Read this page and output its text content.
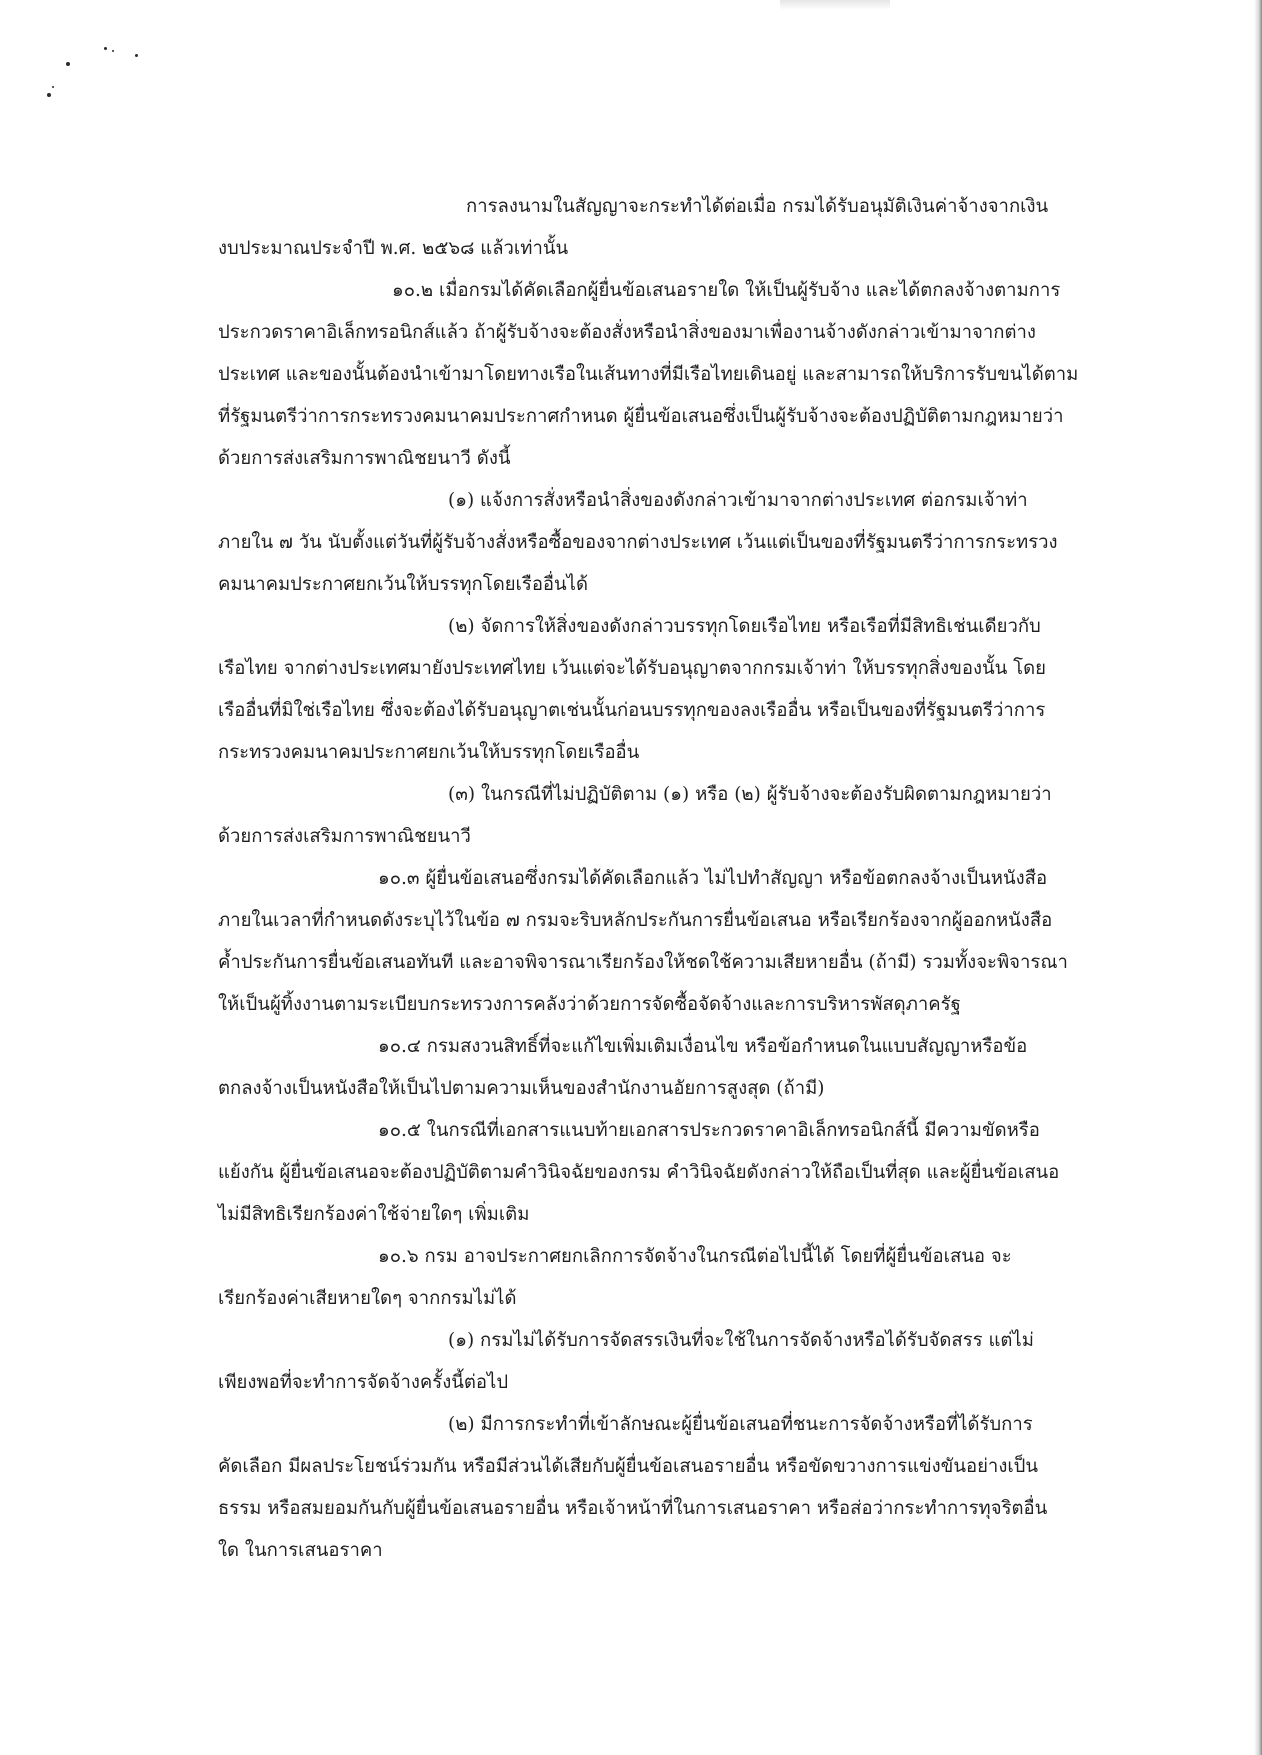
การลงนามในสัญญาจะกระทำได้ต่อเมื่อ กรมได้รับอนุมัติเงินค่าจ้างจากเงิน
งบประมาณประจำปี พ.ศ. ๒๕๖๘ แล้วเท่านั้น
๑๐.๒ เมื่อกรมได้คัดเลือกผู้ยื่นข้อเสนอรายใด ให้เป็นผู้รับจ้าง และได้ตกลงจ้างตามการ
ประกวดราคาอิเล็กทรอนิกส์แล้ว ถ้าผู้รับจ้างจะต้องสั่งหรือนำสิ่งของมาเพื่องานจ้างดังกล่าวเข้ามาจากต่าง
ประเทศ และของนั้นต้องนำเข้ามาโดยทางเรือในเส้นทางที่มีเรือไทยเดินอยู่ และสามารถให้บริการรับขนได้ตาม
ที่รัฐมนตรีว่าการกระทรวงคมนาคมประกาศกำหนด ผู้ยื่นข้อเสนอซึ่งเป็นผู้รับจ้างจะต้องปฏิบัติตามกฎหมายว่า
ด้วยการส่งเสริมการพาณิชยนาวี ดังนี้
(๑) แจ้งการสั่งหรือนำสิ่งของดังกล่าวเข้ามาจากต่างประเทศ ต่อกรมเจ้าท่า
ภายใน ๗ วัน นับตั้งแต่วันที่ผู้รับจ้างสั่งหรือซื้อของจากต่างประเทศ เว้นแต่เป็นของที่รัฐมนตรีว่าการกระทรวง
คมนาคมประกาศยกเว้นให้บรรทุกโดยเรืออื่นได้
(๒) จัดการให้สิ่งของดังกล่าวบรรทุกโดยเรือไทย หรือเรือที่มีสิทธิเช่นเดียวกับ
เรือไทย จากต่างประเทศมายังประเทศไทย เว้นแต่จะได้รับอนุญาตจากกรมเจ้าท่า ให้บรรทุกสิ่งของนั้น โดย
เรืออื่นที่มิใช่เรือไทย ซึ่งจะต้องได้รับอนุญาตเช่นนั้นก่อนบรรทุกของลงเรืออื่น หรือเป็นของที่รัฐมนตรีว่าการ
กระทรวงคมนาคมประกาศยกเว้นให้บรรทุกโดยเรืออื่น
(๓) ในกรณีที่ไม่ปฏิบัติตาม (๑) หรือ (๒) ผู้รับจ้างจะต้องรับผิดตามกฎหมายว่า
ด้วยการส่งเสริมการพาณิชยนาวี
๑๐.๓ ผู้ยื่นข้อเสนอซึ่งกรมได้คัดเลือกแล้ว ไม่ไปทำสัญญา หรือข้อตกลงจ้างเป็นหนังสือ
ภายในเวลาที่กำหนดดังระบุไว้ในข้อ ๗ กรมจะริบหลักประกันการยื่นข้อเสนอ หรือเรียกร้องจากผู้ออกหนังสือ
ค้ำประกันการยื่นข้อเสนอทันที และอาจพิจารณาเรียกร้องให้ชดใช้ความเสียหายอื่น (ถ้ามี) รวมทั้งจะพิจารณา
ให้เป็นผู้ทิ้งงานตามระเบียบกระทรวงการคลังว่าด้วยการจัดซื้อจัดจ้างและการบริหารพัสดุภาครัฐ
๑๐.๔ กรมสงวนสิทธิ์ที่จะแก้ไขเพิ่มเติมเงื่อนไข หรือข้อกำหนดในแบบสัญญาหรือข้อ
ตกลงจ้างเป็นหนังสือให้เป็นไปตามความเห็นของสำนักงานอัยการสูงสุด (ถ้ามี)
๑๐.๕ ในกรณีที่เอกสารแนบท้ายเอกสารประกวดราคาอิเล็กทรอนิกส์นี้ มีความขัดหรือ
แย้งกัน ผู้ยื่นข้อเสนอจะต้องปฏิบัติตามคำวินิจฉัยของกรม คำวินิจฉัยดังกล่าวให้ถือเป็นที่สุด และผู้ยื่นข้อเสนอ
ไม่มีสิทธิเรียกร้องค่าใช้จ่ายใดๆ เพิ่มเติม
๑๐.๖ กรม อาจประกาศยกเลิกการจัดจ้างในกรณีต่อไปนี้ได้ โดยที่ผู้ยื่นข้อเสนอ จะ
เรียกร้องค่าเสียหายใดๆ จากกรมไม่ได้
(๑) กรมไม่ได้รับการจัดสรรเงินที่จะใช้ในการจัดจ้างหรือได้รับจัดสรร แต่ไม่
เพียงพอที่จะทำการจัดจ้างครั้งนี้ต่อไป
(๒) มีการกระทำที่เข้าลักษณะผู้ยื่นข้อเสนอที่ชนะการจัดจ้างหรือที่ได้รับการ
คัดเลือก มีผลประโยชน์ร่วมกัน หรือมีส่วนได้เสียกับผู้ยื่นข้อเสนอรายอื่น หรือขัดขวางการแข่งขันอย่างเป็น
ธรรม หรือสมยอมกันกับผู้ยื่นข้อเสนอรายอื่น หรือเจ้าหน้าที่ในการเสนอราคา หรือส่อว่ากระทำการทุจริตอื่น
ใด ในการเสนอราคา
